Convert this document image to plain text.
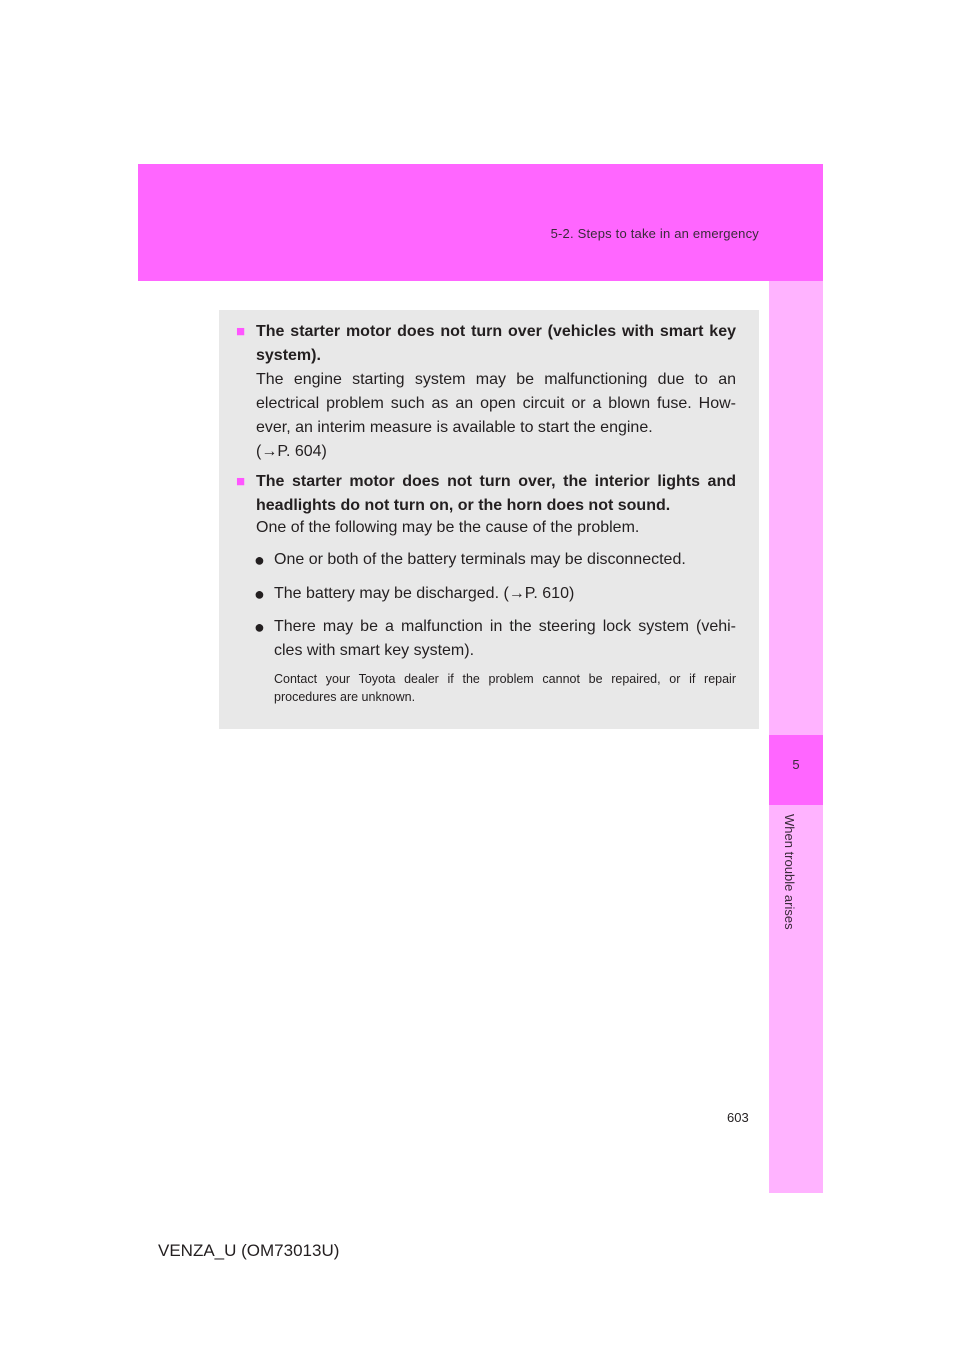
5-2. Steps to take in an emergency
5
When trouble arises
■ The starter motor does not turn over (vehicles with smart key system).
The engine starting system may be malfunctioning due to an electrical problem such as an open circuit or a blown fuse. How-ever, an interim measure is available to start the engine.
(→P. 604)
■ The starter motor does not turn over, the interior lights and headlights do not turn on, or the horn does not sound.
One of the following may be the cause of the problem.
● One or both of the battery terminals may be disconnected.
● The battery may be discharged. (→P. 610)
● There may be a malfunction in the steering lock system (vehi-cles with smart key system).
Contact your Toyota dealer if the problem cannot be repaired, or if repair procedures are unknown.
603
VENZA_U (OM73013U)
